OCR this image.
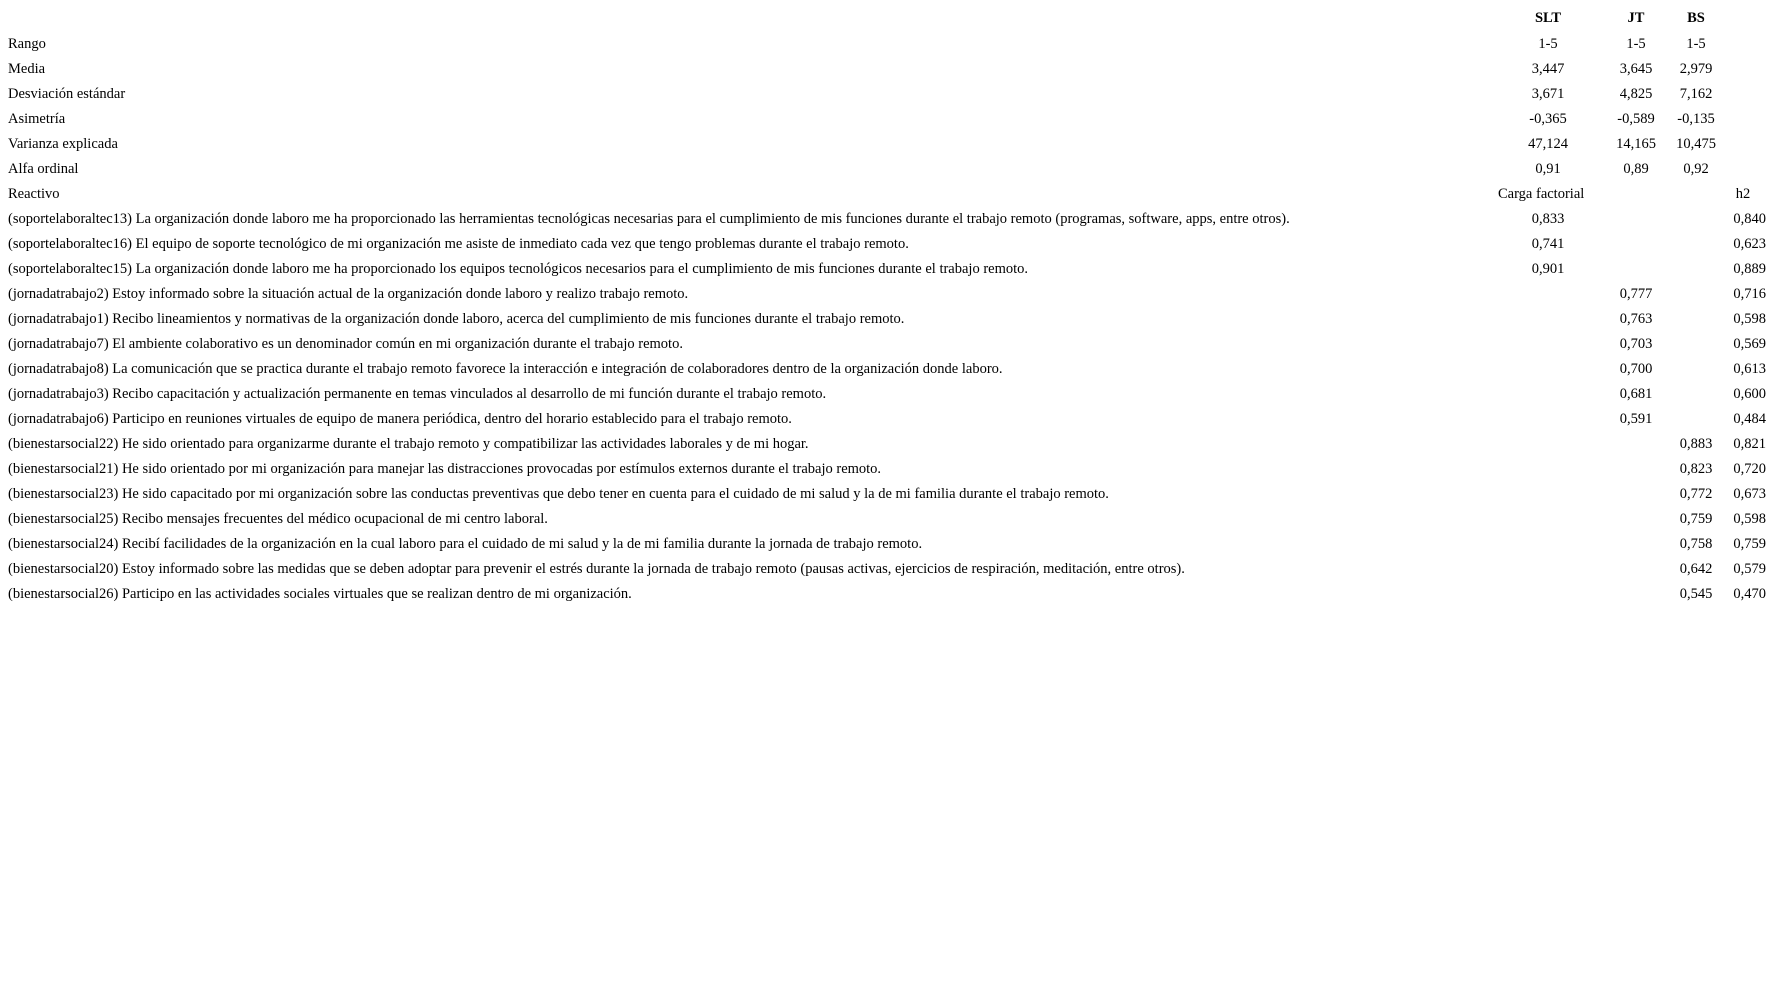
	SLT	JT	BS	
Rango	1-5	1-5	1-5	
Media	3,447	3,645	2,979	
Desviación estándar	3,671	4,825	7,162	
Asimetría	-0,365	-0,589	-0,135	
Varianza explicada	47,124	14,165	10,475	
Alfa ordinal	0,91	0,89	0,92	
Reactivo	Carga factorial			h2
(soportelaboraltec13) La organización donde laboro me ha proporcionado las herramientas tecnológicas necesarias para el cumplimiento de mis funciones durante el trabajo remoto (programas, software, apps, entre otros).	0,833			0,840
(soportelaboraltec16) El equipo de soporte tecnológico de mi organización me asiste de inmediato cada vez que tengo problemas durante el trabajo remoto.	0,741			0,623
(soportelaboraltec15) La organización donde laboro me ha proporcionado los equipos tecnológicos necesarios para el cumplimiento de mis funciones durante el trabajo remoto.	0,901			0,889
(jornadatrabajo2) Estoy informado sobre la situación actual de la organización donde laboro y realizo trabajo remoto.		0,777		0,716
(jornadatrabajo1) Recibo lineamientos y normativas de la organización donde laboro, acerca del cumplimiento de mis funciones durante el trabajo remoto.		0,763		0,598
(jornadatrabajo7) El ambiente colaborativo es un denominador común en mi organización durante el trabajo remoto.		0,703		0,569
(jornadatrabajo8) La comunicación que se practica durante el trabajo remoto favorece la interacción e integración de colaboradores dentro de la organización donde laboro.		0,700		0,613
(jornadatrabajo3) Recibo capacitación y actualización permanente en temas vinculados al desarrollo de mi función durante el trabajo remoto.		0,681		0,600
(jornadatrabajo6) Participo en reuniones virtuales de equipo de manera periódica, dentro del horario establecido para el trabajo remoto.		0,591		0,484
(bienestarsocial22) He sido orientado para organizarme durante el trabajo remoto y compatibilizar las actividades laborales y de mi hogar.			0,883	0,821
(bienestarsocial21) He sido orientado por mi organización para manejar las distracciones provocadas por estímulos externos durante el trabajo remoto.			0,823	0,720
(bienestarsocial23) He sido capacitado por mi organización sobre las conductas preventivas que debo tener en cuenta para el cuidado de mi salud y la de mi familia durante el trabajo remoto.			0,772	0,673
(bienestarsocial25) Recibo mensajes frecuentes del médico ocupacional de mi centro laboral.			0,759	0,598
(bienestarsocial24) Recibí facilidades de la organización en la cual laboro para el cuidado de mi salud y la de mi familia durante la jornada de trabajo remoto.			0,758	0,759
(bienestarsocial20) Estoy informado sobre las medidas que se deben adoptar para prevenir el estrés durante la jornada de trabajo remoto (pausas activas, ejercicios de respiración, meditación, entre otros).			0,642	0,579
(bienestarsocial26) Participo en las actividades sociales virtuales que se realizan dentro de mi organización.			0,545	0,470
